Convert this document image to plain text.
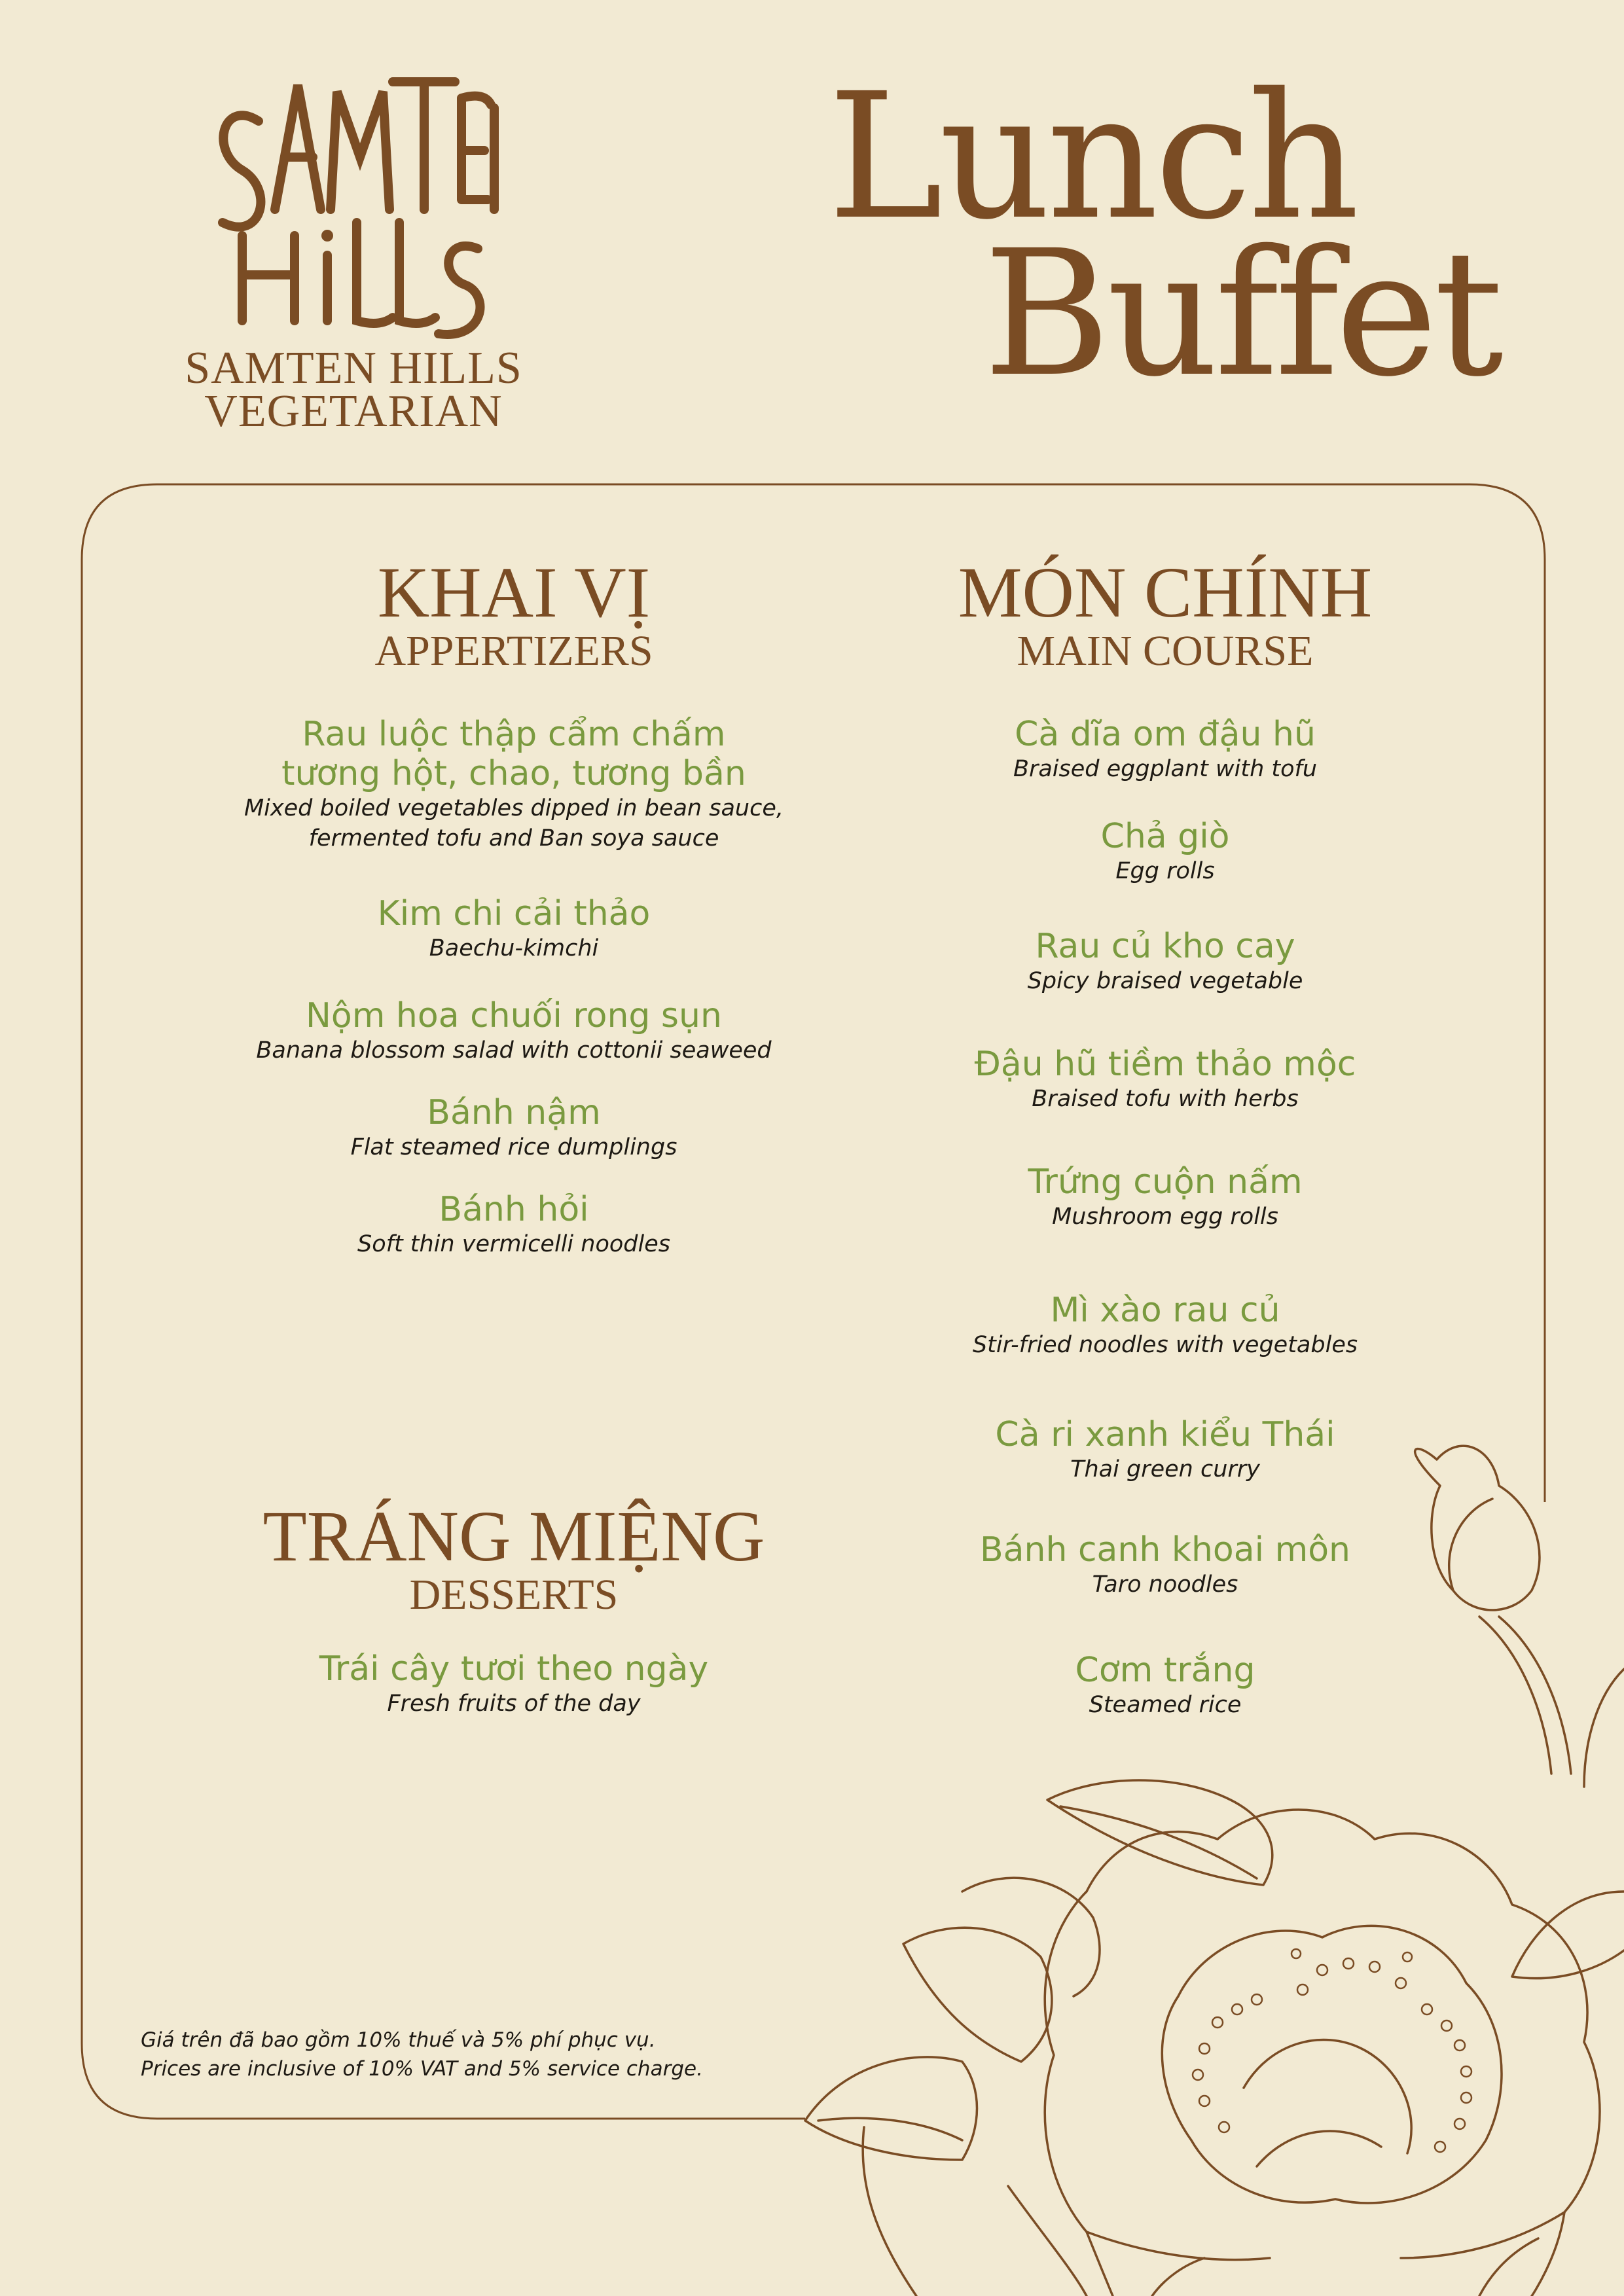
SAMTEN HILLS
VEGETARIAN
Lunch
Buffet
KHAI VỊ
APPERTIZERS
Rau luộc thập cẩm chấm
tương hột, chao, tương bần
Mixed boiled vegetables dipped in bean sauce,
fermented tofu and Ban soya sauce
Kim chi cải thảo
Baechu-kimchi
Nộm hoa chuối rong sụn
Banana blossom salad with cottonii seaweed
Bánh nậm
Flat steamed rice dumplings
Bánh hỏi
Soft thin vermicelli noodles
TRÁNG MIỆNG
DESSERTS
Trái cây tươi theo ngày
Fresh fruits of the day
MÓN CHÍNH
MAIN COURSE
Cà dĩa om đậu hũ
Braised eggplant with tofu
Chả giò
Egg rolls
Rau củ kho cay
Spicy braised vegetable
Đậu hũ tiềm thảo mộc
Braised tofu with herbs
Trứng cuộn nấm
Mushroom egg rolls
Mì xào rau củ
Stir-fried noodles with vegetables
Cà ri xanh kiểu Thái
Thai green curry
Bánh canh khoai môn
Taro noodles
Cơm trắng
Steamed rice
Giá trên đã bao gồm 10% thuế và 5% phí phục vụ.
Prices are inclusive of 10% VAT and 5% service charge.
